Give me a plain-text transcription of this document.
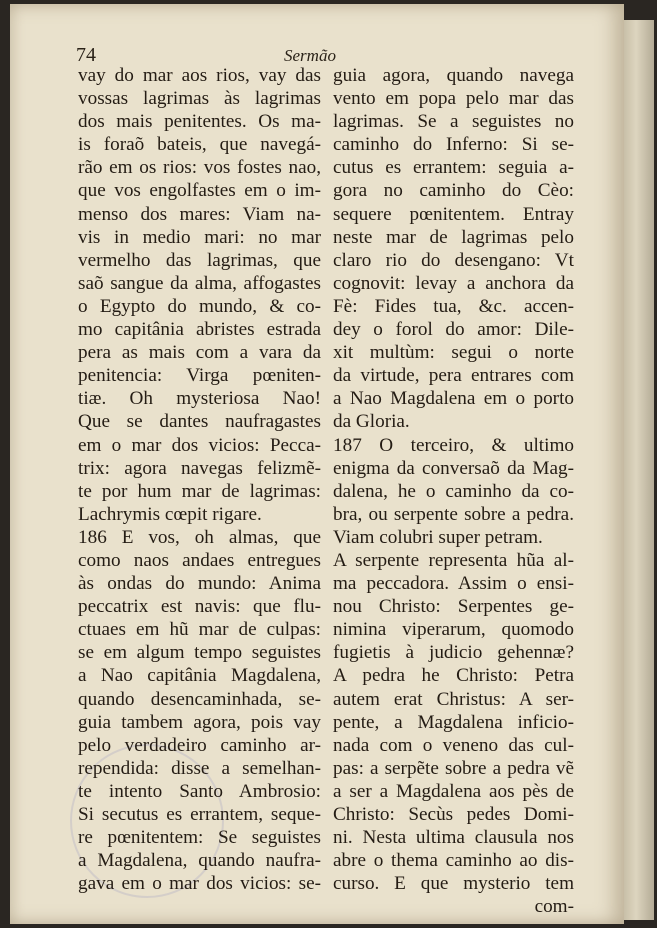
74	Sermão
vay do mar aos rios, vay das
vossas lagrimas às lagrimas
dos mais penitentes. Os ma-
is foraõ bateis, que navegá-
rão em os rios: vos fostes nao,
que vos engolfastes em o im-
menso dos mares: Viam na-
vis in medio mari: no mar
vermelho das lagrimas, que
saõ sangue da alma, affogastes
o Egypto do mundo, & co-
mo capitânia abristes estrada
pera as mais com a vara da
penitencia: Virga pœniten-
tiæ. Oh mysteriosa Nao!
Que se dantes naufragastes
em o mar dos vicios: Pecca-
trix: agora navegas felizmẽ-
te por hum mar de lagrimas:
Lachrymis cœpit rigare.
186 E vos, oh almas, que
como naos andaes entregues
às ondas do mundo: Anima
peccatrix est navis: que flu-
ctuaes em hũ mar de culpas:
se em algum tempo seguistes
a Nao capitânia Magdalena,
quando desencaminhada, se-
guia tambem agora, pois vay
pelo verdadeiro caminho ar-
rependida: disse a semelhan-
te intento Santo Ambrosio:
Si secutus es errantem, seque-
re pœnitentem: Se seguistes
a Magdalena, quando naufra-
gava em o mar dos vicios: se-
guia agora, quando navega
vento em popa pelo mar das
lagrimas. Se a seguistes no
caminho do Inferno: Si se-
cutus es errantem: seguia a-
gora no caminho do Cèo:
sequere pœnitentem. Entray
neste mar de lagrimas pelo
claro rio do desengano: Vt
cognovit: levay a anchora da
Fè: Fides tua, &c. accen-
dey o forol do amor: Dile-
xit multùm: segui o norte
da virtude, pera entrares com
a Nao Magdalena em o porto
da Gloria.
187 O terceiro, & ultimo
enigma da conversaõ da Mag-
dalena, he o caminho da co-
bra, ou serpente sobre a pedra.
Viam colubri super petram.
A serpente representa hũa al-
ma peccadora. Assim o ensi-
nou Christo: Serpentes ge-
nimina viperarum, quomodo
fugietis à judicio gehennæ?
A pedra he Christo: Petra
autem erat Christus: A ser-
pente, a Magdalena inficio-
nada com o veneno das cul-
pas: a serpẽte sobre a pedra vẽ
a ser a Magdalena aos pès de
Christo: Secùs pedes Domi-
ni. Nesta ultima clausula nos
abre o thema caminho ao dis-
curso. E que mysterio tem
com-
